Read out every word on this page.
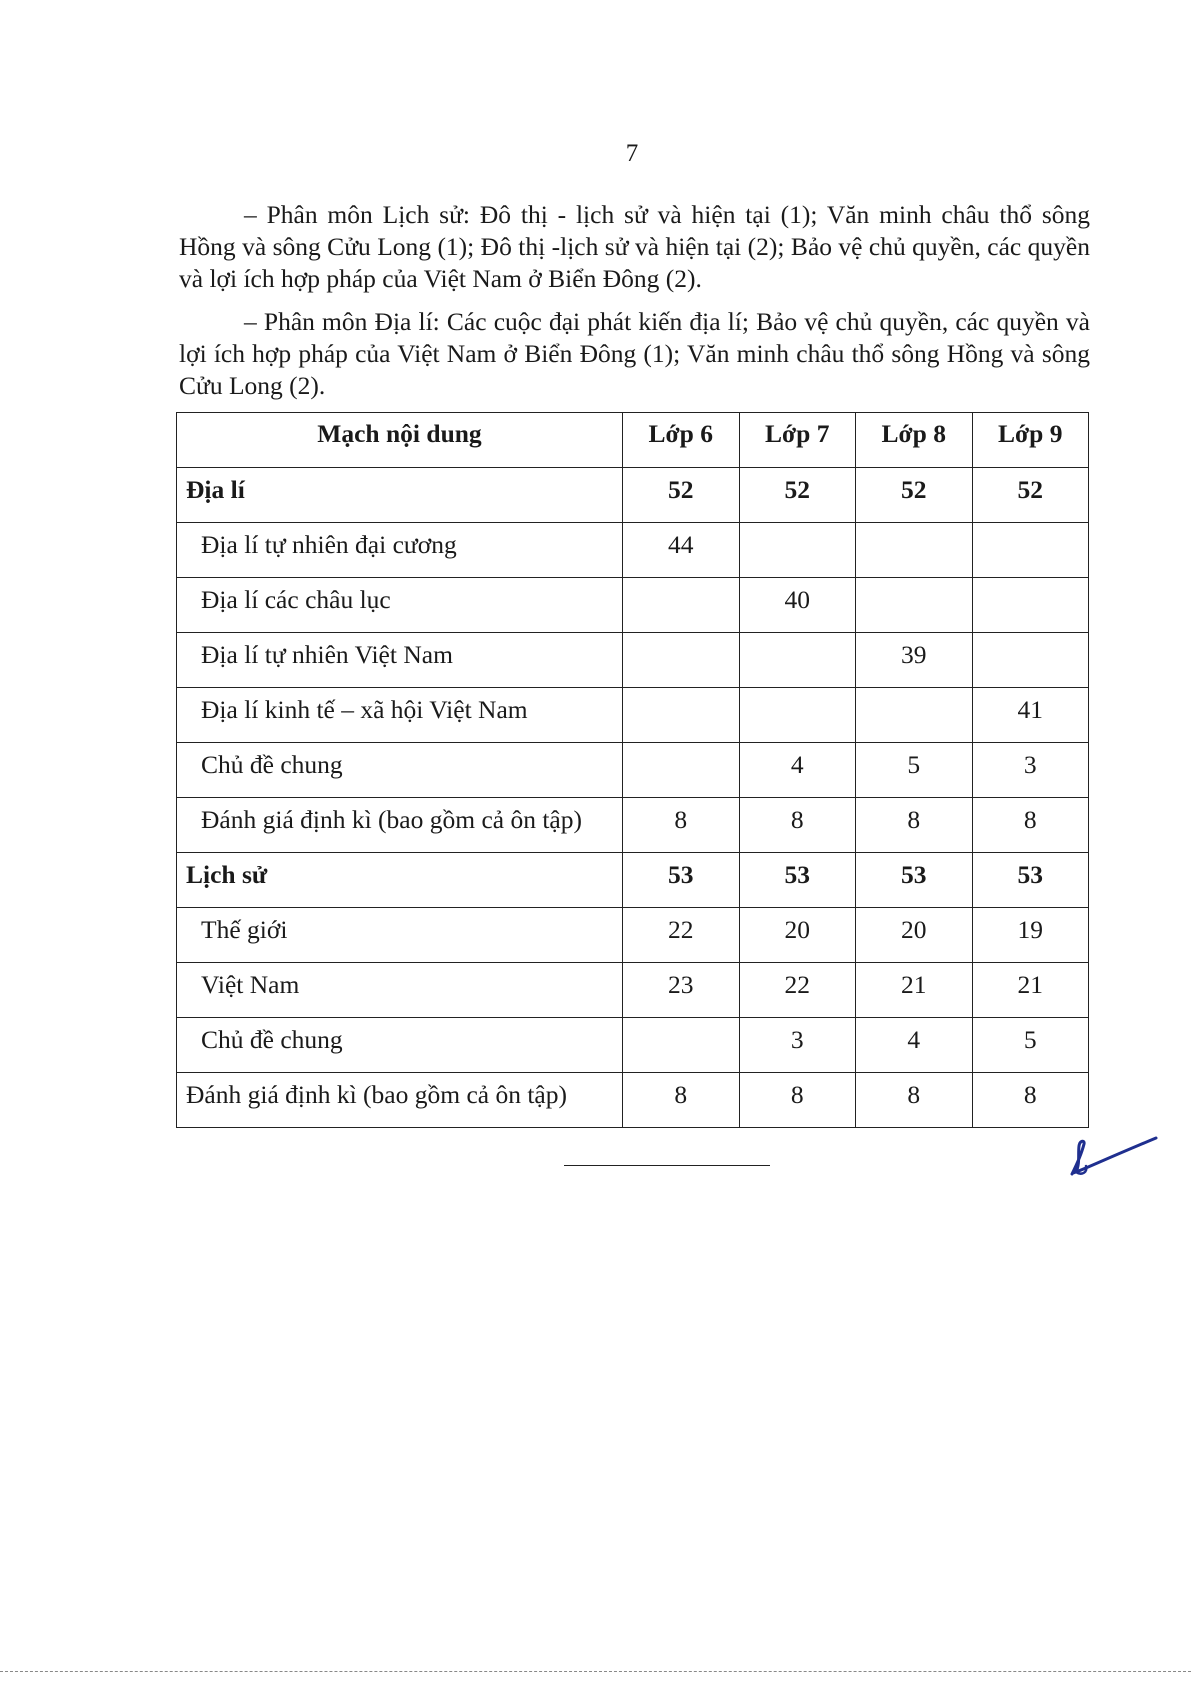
7

– Phân môn Lịch sử: Đô thị - lịch sử và hiện tại (1); Văn minh châu thổ sông Hồng và sông Cửu Long (1); Đô thị -lịch sử và hiện tại (2); Bảo vệ chủ quyền, các quyền và lợi ích hợp pháp của Việt Nam ở Biển Đông (2).

– Phân môn Địa lí: Các cuộc đại phát kiến địa lí; Bảo vệ chủ quyền, các quyền và lợi ích hợp pháp của Việt Nam ở Biển Đông (1); Văn minh châu thổ sông Hồng và sông Cửu Long (2).

Mạch nội dung	Lớp 6	Lớp 7	Lớp 8	Lớp 9
Địa lí	52	52	52	52
Địa lí tự nhiên đại cương	44			
Địa lí các châu lục		40		
Địa lí tự nhiên Việt Nam			39	
Địa lí kinh tế – xã hội Việt Nam				41
Chủ đề chung		4	5	3
Đánh giá định kì (bao gồm cả ôn tập)	8	8	8	8
Lịch sử	53	53	53	53
Thế giới	22	20	20	19
Việt Nam	23	22	21	21
Chủ đề chung		3	4	5
Đánh giá định kì (bao gồm cả ôn tập)	8	8	8	8
